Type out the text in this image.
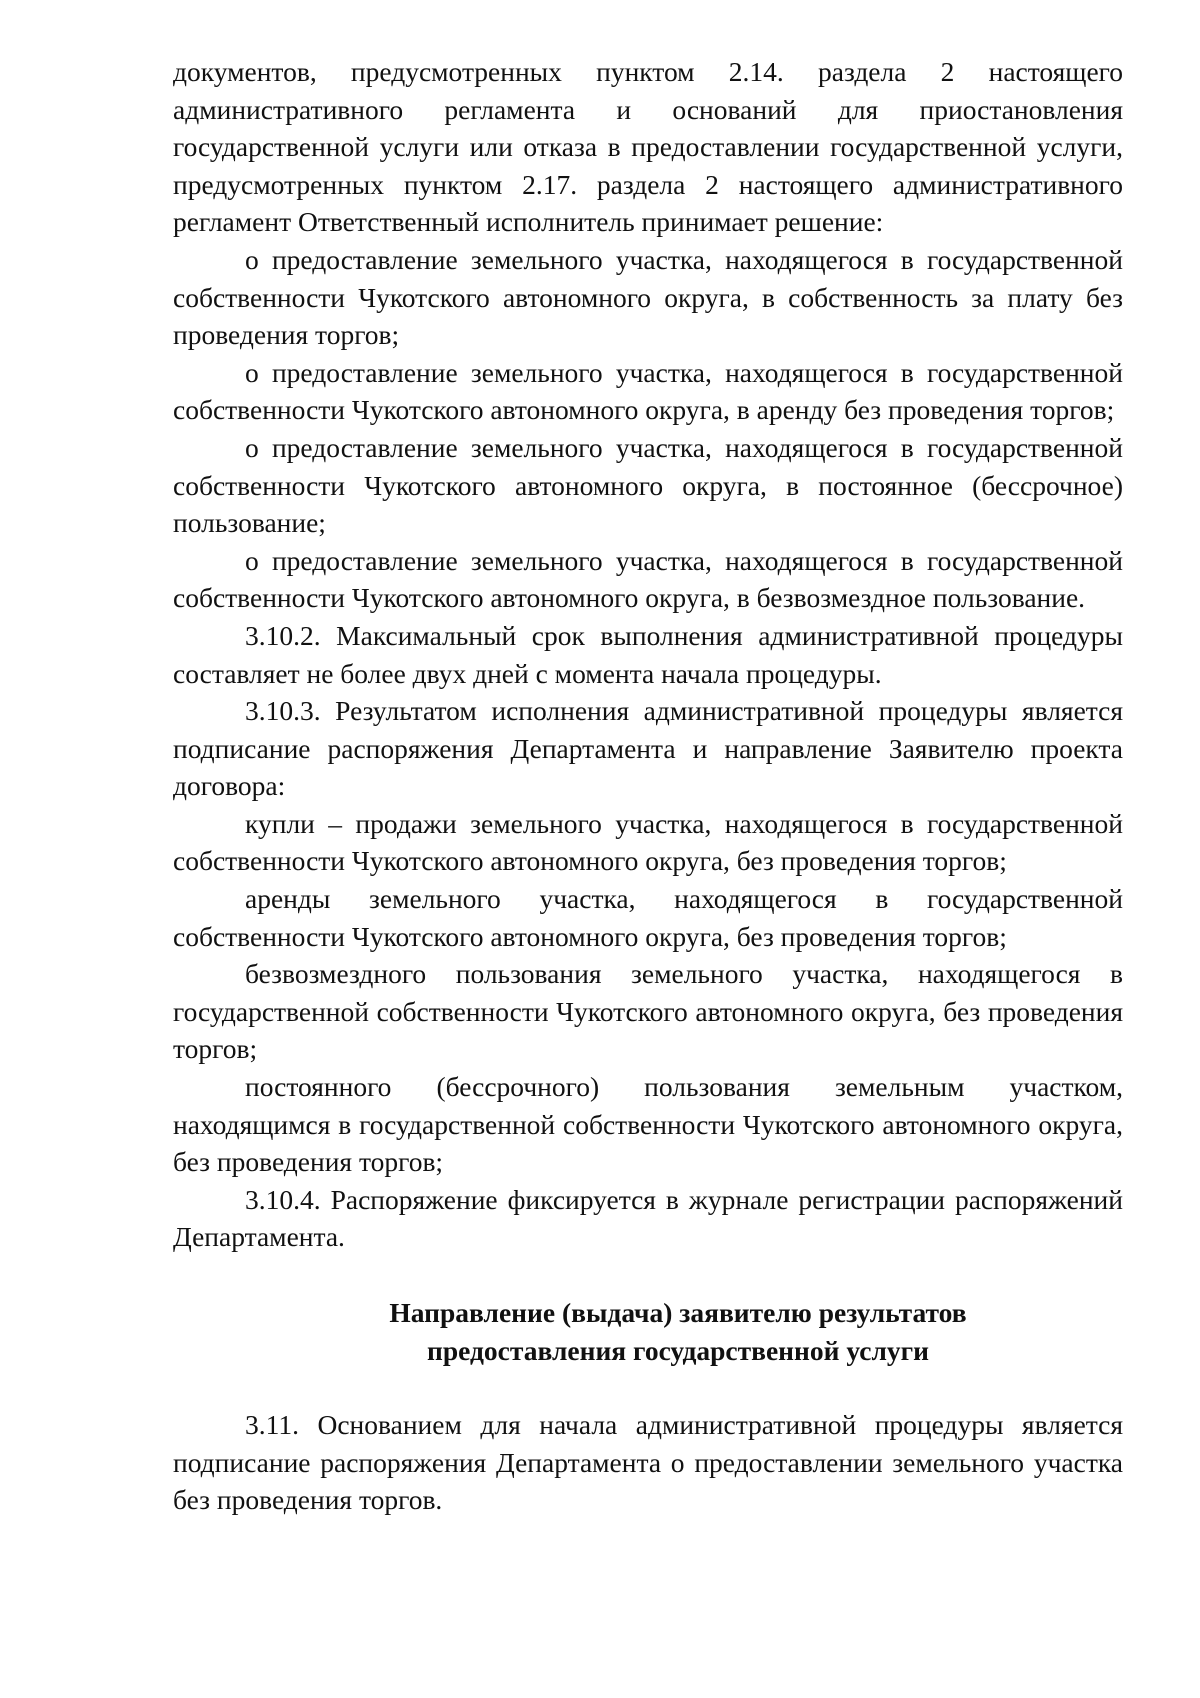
документов, предусмотренных пунктом 2.14. раздела 2 настоящего административного регламента и оснований для приостановления государственной услуги или отказа в предоставлении государственной услуги, предусмотренных пунктом 2.17. раздела 2 настоящего административного регламент Ответственный исполнитель принимает решение:

о предоставление земельного участка, находящегося в государственной собственности Чукотского автономного округа, в собственность за плату без проведения торгов;

о предоставление земельного участка, находящегося в государственной собственности Чукотского автономного округа, в аренду без проведения торгов;

о предоставление земельного участка, находящегося в государственной собственности Чукотского автономного округа, в постоянное (бессрочное) пользование;

о предоставление земельного участка, находящегося в государственной собственности Чукотского автономного округа, в безвозмездное пользование.

3.10.2. Максимальный срок выполнения административной процедуры составляет не более двух дней с момента начала процедуры.

3.10.3. Результатом исполнения административной процедуры является подписание распоряжения Департамента и направление Заявителю проекта договора:

купли – продажи земельного участка, находящегося в государственной собственности Чукотского автономного округа, без проведения торгов;

аренды земельного участка, находящегося в государственной собственности Чукотского автономного округа, без проведения торгов;

безвозмездного пользования земельного участка, находящегося в государственной собственности Чукотского автономного округа, без проведения торгов;

постоянного (бессрочного) пользования земельным участком, находящимся в государственной собственности Чукотского автономного округа, без проведения торгов;

3.10.4. Распоряжение фиксируется в журнале регистрации распоряжений Департамента.

Направление (выдача) заявителю результатов
предоставления государственной услуги

3.11. Основанием для начала административной процедуры является подписание распоряжения Департамента о предоставлении земельного участка без проведения торгов.
